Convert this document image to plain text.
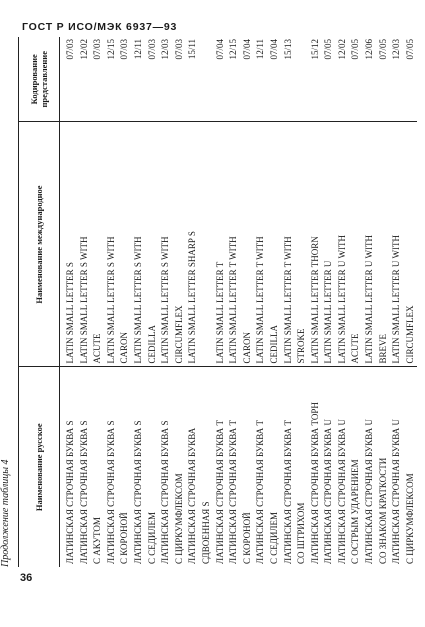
ГОСТ Р ИСО/МЭК 6937—93
Продолжение таблицы 4	Наименование русское	Наименование международное	Кодирование представление

ЛАТИНСКАЯ СТРОЧНАЯ БУКВА S	LATIN SMALL LETTER S	07/03

ЛАТИНСКАЯ СТРОЧНАЯ БУКВА S С АКУТОМ	LATIN SMALL LETTER S WITH ACUTE	12/02 07/03

ЛАТИНСКАЯ СТРОЧНАЯ БУКВА S С КОРОНОЙ	LATIN SMALL LETTER S WITH CARON	12/15 07/03

ЛАТИНСКАЯ СТРОЧНАЯ БУКВА S С СЕДИЛЕМ	LATIN SMALL LETTER S WITH CEDILLA	12/11 07/03

ЛАТИНСКАЯ СТРОЧНАЯ БУКВА S С ЦИРКУМФЛЕКСОМ	LATIN SMALL LETTER S WITH CIRCUMFLEX	12/03 07/03

ЛАТИНСКАЯ СТРОЧНАЯ БУКВА СДВОЕННАЯ S	LATIN SMALL LETTER SHARP S	15/11

ЛАТИНСКАЯ СТРОЧНАЯ БУКВА T	LATIN SMALL LETTER T	07/04

ЛАТИНСКАЯ СТРОЧНАЯ БУКВА T С КОРОНОЙ	LATIN SMALL LETTER T WITH CARON	12/15 07/04

ЛАТИНСКАЯ СТРОЧНАЯ БУКВА T С СЕДИЛЕМ	LATIN SMALL LETTER T WITH CEDILLA	12/11 07/04

ЛАТИНСКАЯ СТРОЧНАЯ БУКВА T СО ШТРИХОМ	LATIN SMALL LETTER T WITH STROKE	15/13

ЛАТИНСКАЯ СТРОЧНАЯ БУКВА ТОРН	LATIN SMALL LETTER THORN	15/12

ЛАТИНСКАЯ СТРОЧНАЯ БУКВА U	LATIN SMALL LETTER U	07/05

ЛАТИНСКАЯ СТРОЧНАЯ БУКВА U С ОСТРЫМ УДАРЕНИЕМ	LATIN SMALL LETTER U WITH ACUTE	12/02 07/05

ЛАТИНСКАЯ СТРОЧНАЯ БУКВА U СО ЗНАКОМ КРАТКОСТИ	LATIN SMALL LETTER U WITH BREVE	12/06 07/05

ЛАТИНСКАЯ СТРОЧНАЯ БУКВА U С ЦИРКУМФЛЕКСОМ	LATIN SMALL LETTER U WITH CIRCUMFLEX	12/03 07/05
36
